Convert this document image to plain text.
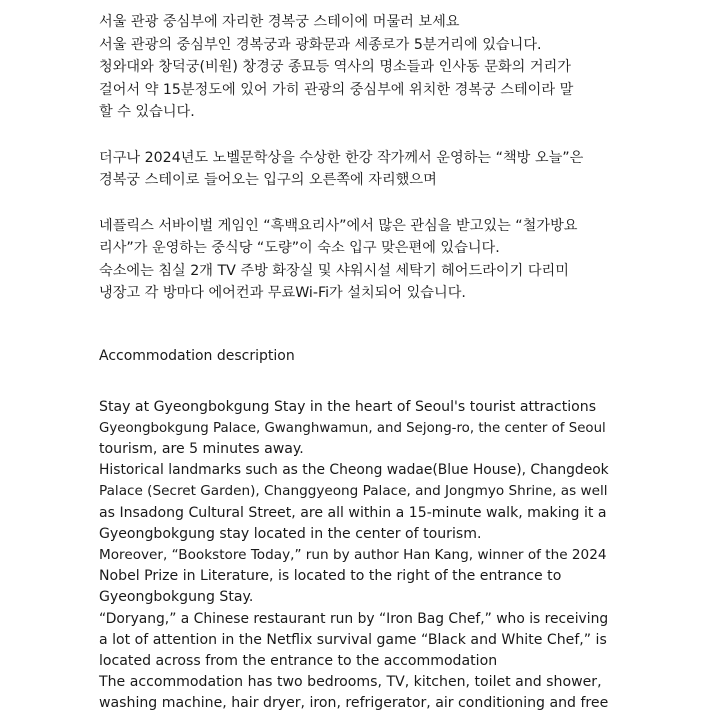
서울 관광 중심부에 자리한 경복궁 스테이에 머물러 보세요
서울 관광의 중심부인 경복궁과 광화문과 세종로가 5분거리에 있습니다.
청와대와 창덕궁(비원) 창경궁 종묘등 역사의 명소들과 인사동 문화의 거리가
걸어서 약 15분정도에 있어 가히 관광의 중심부에 위치한 경복궁 스테이라 말
할 수 있습니다.

더구나 2024년도 노벨문학상을 수상한 한강 작가께서 운영하는 “책방 오늘”은
경복궁 스테이로 들어오는 입구의 오른쪽에 자리했으며

네플릭스 서바이벌 게임인 “흑백요리사”에서 많은 관심을 받고있는 “철가방요
리사”가 운영하는 중식당 “도량”이 숙소 입구 맞은편에 있습니다.
숙소에는 침실 2개 TV 주방 화장실 및 샤워시설 세탁기 헤어드라이기 다리미
냉장고 각 방마다 에어컨과 무료Wi-Fi가 설치되어 있습니다.

Accommodation description

Stay at Gyeongbokgung Stay in the heart of Seoul's tourist attractions
Gyeongbokgung Palace, Gwanghwamun, and Sejong-ro, the center of Seoul
tourism, are 5 minutes away.
Historical landmarks such as the Cheong wadae(Blue House), Changdeok
Palace (Secret Garden), Changgyeong Palace, and Jongmyo Shrine, as well
as Insadong Cultural Street, are all within a 15-minute walk, making it a
Gyeongbokgung stay located in the center of tourism.
Moreover, “Bookstore Today,” run by author Han Kang, winner of the 2024
Nobel Prize in Literature, is located to the right of the entrance to
Gyeongbokgung Stay.
“Doryang,” a Chinese restaurant run by “Iron Bag Chef,” who is receiving
a lot of attention in the Netflix survival game “Black and White Chef,” is
located across from the entrance to the accommodation
The accommodation has two bedrooms, TV, kitchen, toilet and shower,
washing machine, hair dryer, iron, refrigerator, air conditioning and free
